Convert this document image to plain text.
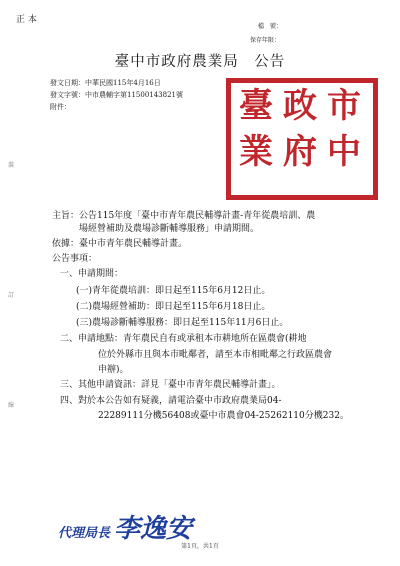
正 本
檔　號：
保存年限：
臺中市政府農業局　公告
發文日期：中華民國115年4月16日
發文字號：中市農輔字第11500143821號
附件：
裝
訂
線
臺 政 市
業 府 中
主旨：公告115年度「臺中市青年農民輔導計畫-青年從農培訓、農
　　　場經營補助及農場診斷輔導服務」申請期間。
依據：臺中市青年農民輔導計畫。
公告事項：
一、申請期間：
(一)青年從農培訓：即日起至115年6月12日止。
(二)農場經營補助：即日起至115年6月18日止。
(三)農場診斷輔導服務：即日起至115年11月6日止。
二、申請地點：青年農民自有或承租本市耕地所在區農會(耕地
位於外縣市且與本市毗鄰者，請至本市相毗鄰之行政區農會
申辦)。
三、其他申請資訊：詳見「臺中市青年農民輔導計畫」。
四、對於本公告如有疑義，請電洽臺中市政府農業局04-
22289111分機56408或臺中市農會04-25262110分機232。
代理局長 李逸安
第1頁，共1頁
